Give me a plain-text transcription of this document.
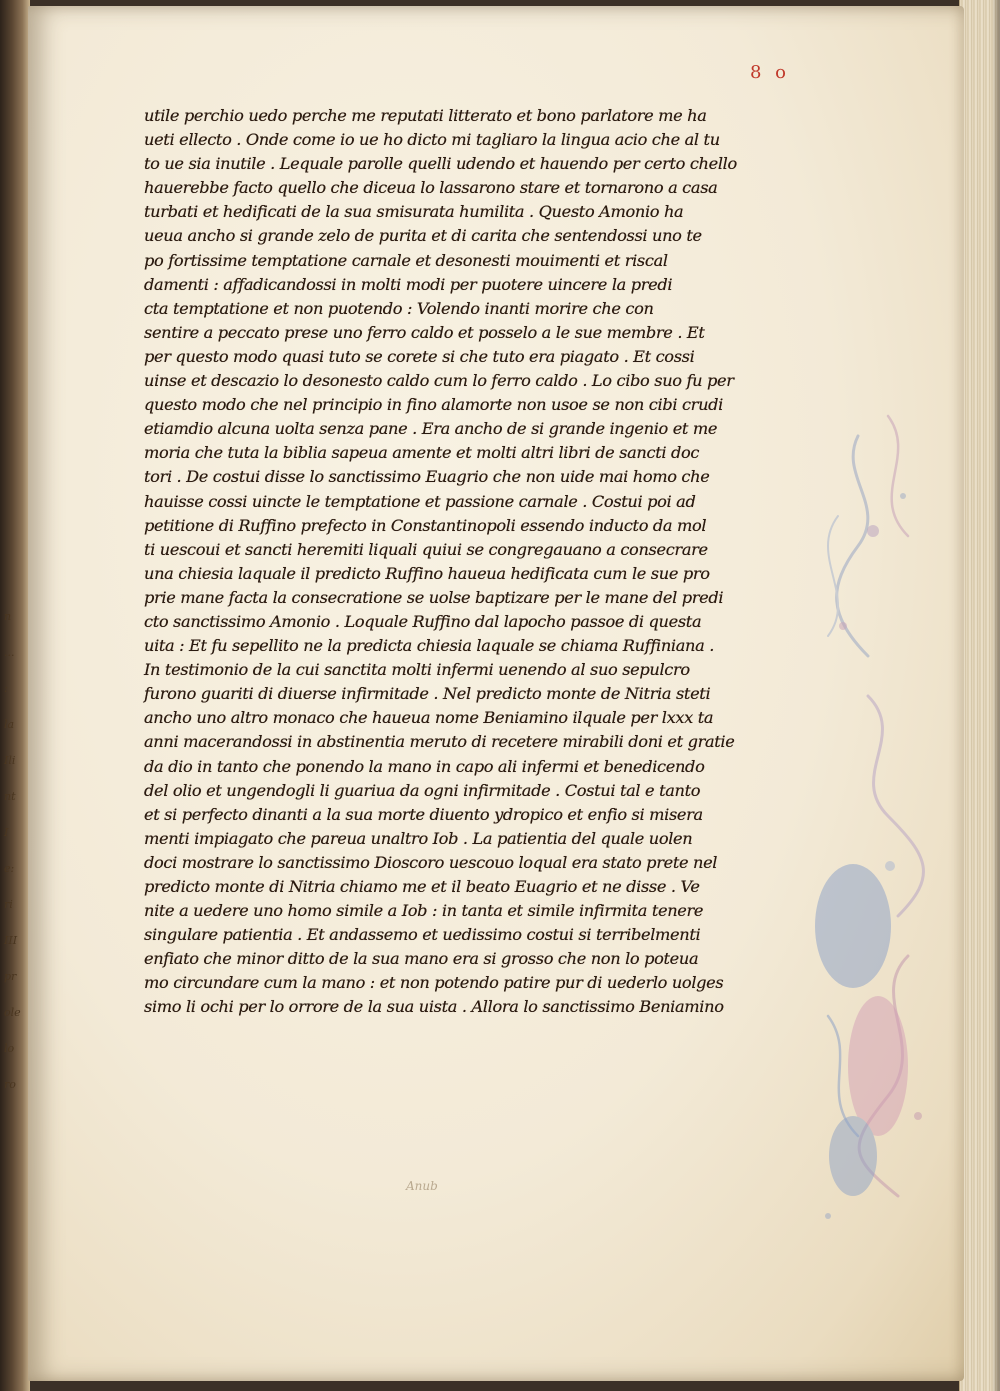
n
...
:
la
Ili
nt
I
e:
ri
III
pr
ole
lo
ro
8 o
utile perchio uedo perche me reputati litterato et bono parlatore me ha
ueti ellecto . Onde come io ue ho dicto mi tagliaro la lingua acio che al tu
to ue sia inutile . Lequale parolle quelli udendo et hauendo per certo chello
hauerebbe facto quello che diceua lo lassarono stare et tornarono a casa
turbati et hedificati de la sua smisurata humilita . Questo Amonio ha
ueua ancho si grande zelo de purita et di carita che sentendossi uno te
po fortissime temptatione carnale et desonesti mouimenti et riscal
damenti : affadicandossi in molti modi per puotere uincere la predi
cta temptatione et non puotendo : Volendo inanti morire che con
sentire a peccato prese uno ferro caldo et posselo a le sue membre . Et
per questo modo quasi tuto se corete si che tuto era piagato . Et cossi
uinse et descazio lo desonesto caldo cum lo ferro caldo . Lo cibo suo fu per
questo modo che nel principio in fino alamorte non usoe se non cibi crudi
etiamdio alcuna uolta senza pane . Era ancho de si grande ingenio et me
moria che tuta la biblia sapeua amente et molti altri libri de sancti doc
tori . De costui disse lo sanctissimo Euagrio che non uide mai homo che
hauisse cossi uincte le temptatione et passione carnale . Costui poi ad
petitione di Ruffino prefecto in Constantinopoli essendo inducto da mol
ti uescoui et sancti heremiti liquali quiui se congregauano a consecrare
una chiesia laquale il predicto Ruffino haueua hedificata cum le sue pro
prie mane facta la consecratione se uolse baptizare per le mane del predi
cto sanctissimo Amonio . Loquale Ruffino dal lapocho passoe di questa
uita : Et fu sepellito ne la predicta chiesia laquale se chiama Ruffiniana .
In testimonio de la cui sanctita molti infermi uenendo al suo sepulcro
furono guariti di diuerse infirmitade . Nel predicto monte de Nitria steti
ancho uno altro monaco che haueua nome Beniamino ilquale per lxxx ta
anni macerandossi in abstinentia meruto di recetere mirabili doni et gratie
da dio in tanto che ponendo la mano in capo ali infermi et benedicendo
del olio et ungendogli li guariua da ogni infirmitade . Costui tal e tanto
et si perfecto dinanti a la sua morte diuento ydropico et enfio si misera
menti impiagato che pareua unaltro Iob . La patientia del quale uolen
doci mostrare lo sanctissimo Dioscoro uescouo loqual era stato prete nel
predicto monte di Nitria chiamo me et il beato Euagrio et ne disse . Ve
nite a uedere uno homo simile a Iob : in tanta et simile infirmita tenere
singulare patientia . Et andassemo et uedissimo costui si terribelmenti
enfiato che minor ditto de la sua mano era si grosso che non lo poteua
mo circundare cum la mano : et non potendo patire pur di uederlo uolges
simo li ochi per lo orrore de la sua uista . Allora lo sanctissimo Beniamino
Anub
